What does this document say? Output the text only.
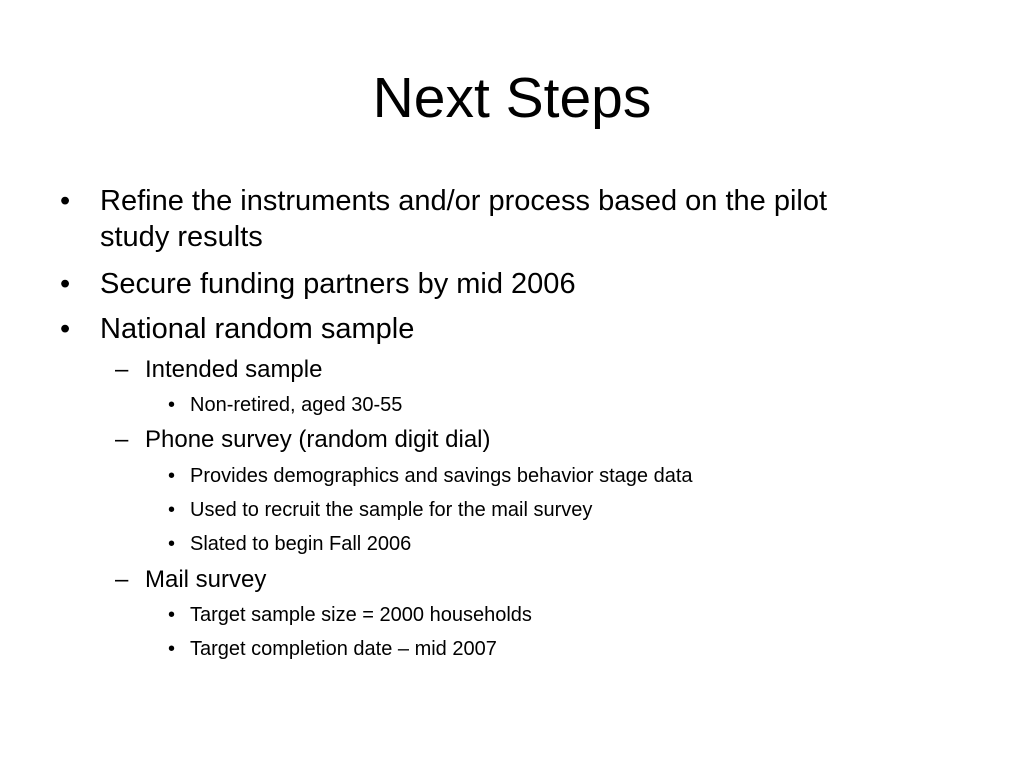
Next Steps
• Refine the instruments and/or process based on the pilot
study results
• Secure funding partners by mid 2006
• National random sample
– Intended sample
• Non-retired, aged 30-55
– Phone survey (random digit dial)
• Provides demographics and savings behavior stage data
• Used to recruit the sample for the mail survey
• Slated to begin Fall 2006
– Mail survey
• Target sample size = 2000 households
• Target completion date – mid 2007
